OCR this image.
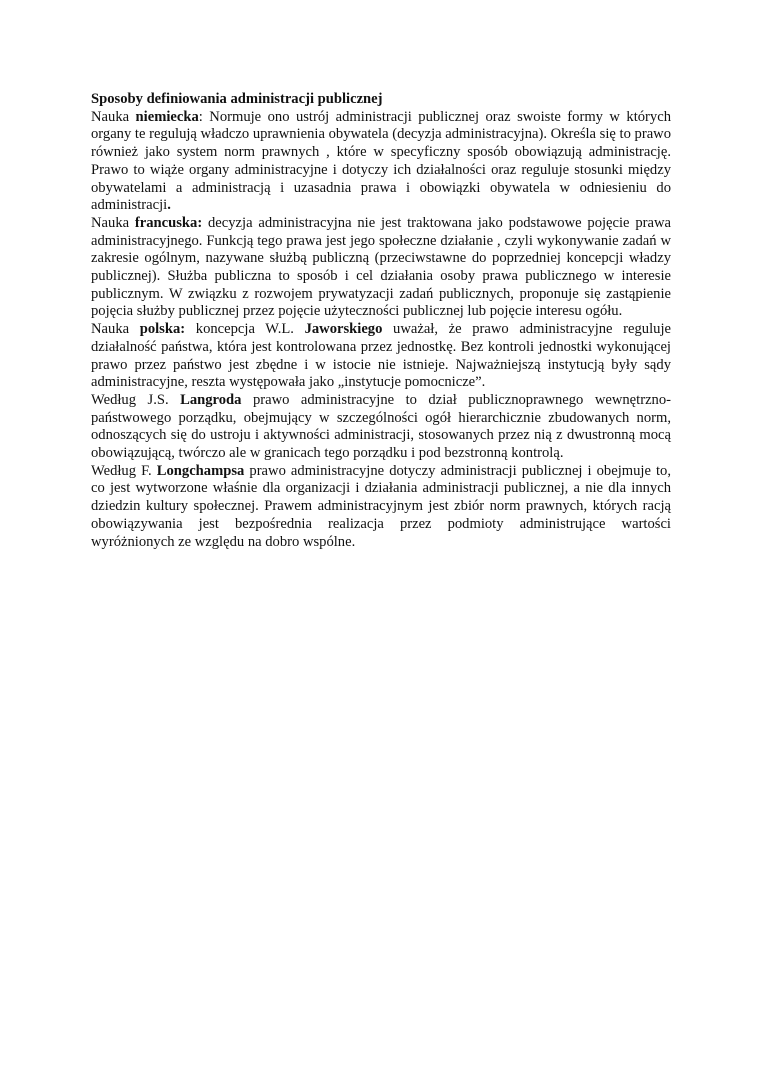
Sposoby definiowania administracji publicznej

Nauka niemiecka: Normuje ono ustrój administracji publicznej oraz swoiste formy w których organy te regulują władczo uprawnienia obywatela (decyzja administracyjna). Określa się to prawo również jako system norm prawnych , które w specyficzny sposób obowiązują administrację. Prawo to wiąże organy administracyjne i dotyczy ich działalności oraz reguluje stosunki między obywatelami a administracją i uzasadnia prawa i obowiązki obywatela w odniesieniu do administracji.

Nauka francuska: decyzja administracyjna nie jest traktowana jako podstawowe pojęcie prawa administracyjnego. Funkcją tego prawa jest jego społeczne działanie , czyli wykonywanie zadań w zakresie ogólnym, nazywane służbą publiczną (przeciwstawne do poprzedniej koncepcji władzy publicznej). Służba publiczna to sposób i cel działania osoby prawa publicznego w interesie publicznym. W związku z rozwojem prywatyzacji zadań publicznych, proponuje się zastąpienie pojęcia służby publicznej przez pojęcie użyteczności publicznej lub pojęcie interesu ogółu.

Nauka polska: koncepcja W.L. Jaworskiego uważał, że prawo administracyjne reguluje działalność państwa, która jest kontrolowana przez jednostkę. Bez kontroli jednostki wykonującej prawo przez państwo jest zbędne i w istocie nie istnieje. Najważniejszą instytucją były sądy administracyjne, reszta występowała jako „instytucje pomocnicze”.

Według J.S. Langroda prawo administracyjne to dział publicznoprawnego wewnętrzno-państwowego porządku, obejmujący w szczególności ogół hierarchicznie zbudowanych norm, odnoszących się do ustroju i aktywności administracji, stosowanych przez nią z dwustronną mocą obowiązującą, twórczo ale w granicach tego porządku i pod bezstronną kontrolą.

Według F. Longchampsa prawo administracyjne dotyczy administracji publicznej i obejmuje to, co jest wytworzone właśnie dla organizacji i działania administracji publicznej, a nie dla innych dziedzin kultury społecznej. Prawem administracyjnym jest zbiór norm prawnych, których racją obowiązywania jest bezpośrednia realizacja przez podmioty administrujące wartości wyróżnionych ze względu na dobro wspólne.
